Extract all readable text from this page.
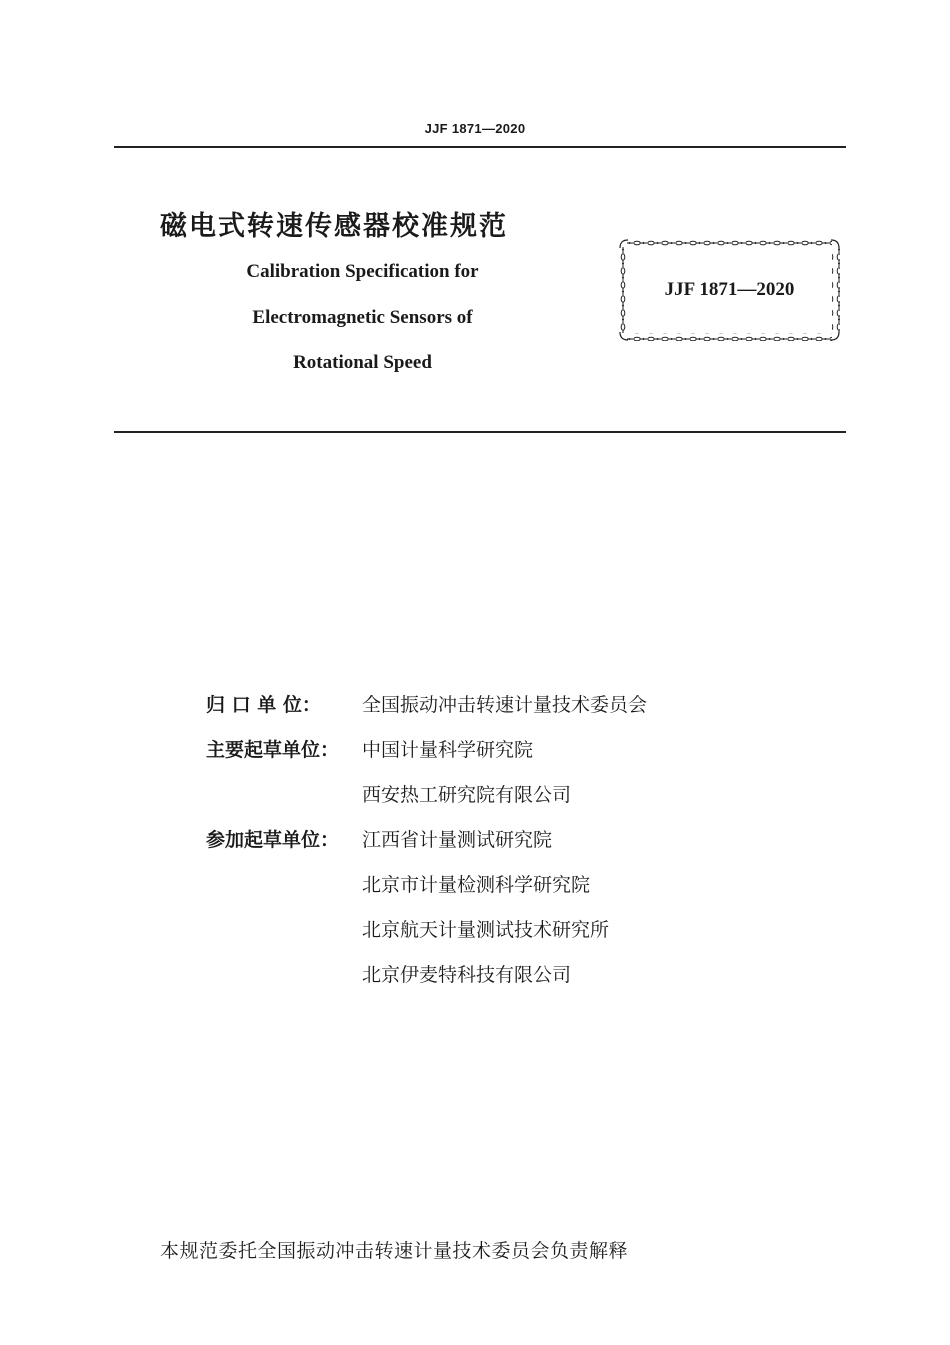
JJF 1871—2020
磁电式转速传感器校准规范
Calibration Specification for
Electromagnetic Sensors of
Rotational Speed
JJF 1871—2020
归 口 单 位：	全国振动冲击转速计量技术委员会
主要起草单位：	中国计量科学研究院
西安热工研究院有限公司
参加起草单位：	江西省计量测试研究院
北京市计量检测科学研究院
北京航天计量测试技术研究所
北京伊麦特科技有限公司
本规范委托全国振动冲击转速计量技术委员会负责解释
